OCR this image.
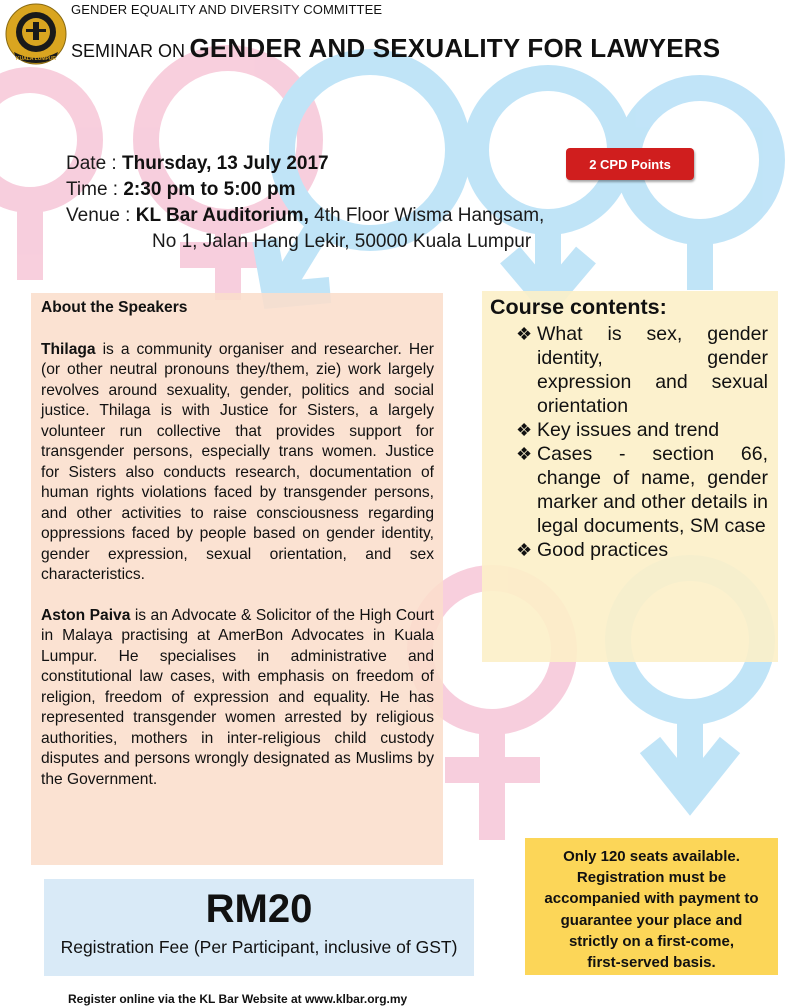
KUALA LUMPUR
GENDER EQUALITY AND DIVERSITY COMMITTEE
SEMINAR ON GENDER AND SEXUALITY FOR LAWYERS
Date : Thursday, 13 July 2017
Time : 2:30 pm to 5:00 pm
Venue : KL Bar Auditorium, 4th Floor Wisma Hangsam,
No 1, Jalan Hang Lekir, 50000 Kuala Lumpur
2 CPD Points
About the Speakers

Thilaga is a community organiser and researcher. Her (or other neutral pronouns they/them, zie) work largely revolves around sexuality, gender, politics and social justice. Thilaga is with Justice for Sisters, a largely volunteer run collective that provides support for transgender persons, especially trans women. Justice for Sisters also conducts research, documentation of human rights violations faced by transgender persons, and other activities to raise consciousness regarding oppressions faced by people based on gender identity, gender expression, sexual orientation, and sex characteristics.

Aston Paiva is an Advocate & Solicitor of the High Court in Malaya practising at AmerBon Advocates in Kuala Lumpur. He specialises in administrative and constitutional law cases, with emphasis on freedom of religion, freedom of expression and equality. He has represented transgender women arrested by religious authorities, mothers in inter-religious child custody disputes and persons wrongly designated as Muslims by the Government.

Course contents:
❖ What is sex, gender identity, gender expression and sexual orientation
❖ Key issues and trend
❖ Cases - section 66, change of name, gender marker and other details in legal documents, SM case
❖ Good practices
RM20
Registration Fee (Per Participant, inclusive of GST)
Only 120 seats available.
Registration must be
accompanied with payment to
guarantee your place and
strictly on a first-come,
first-served basis.
Register online via the KL Bar Website at www.klbar.org.my
